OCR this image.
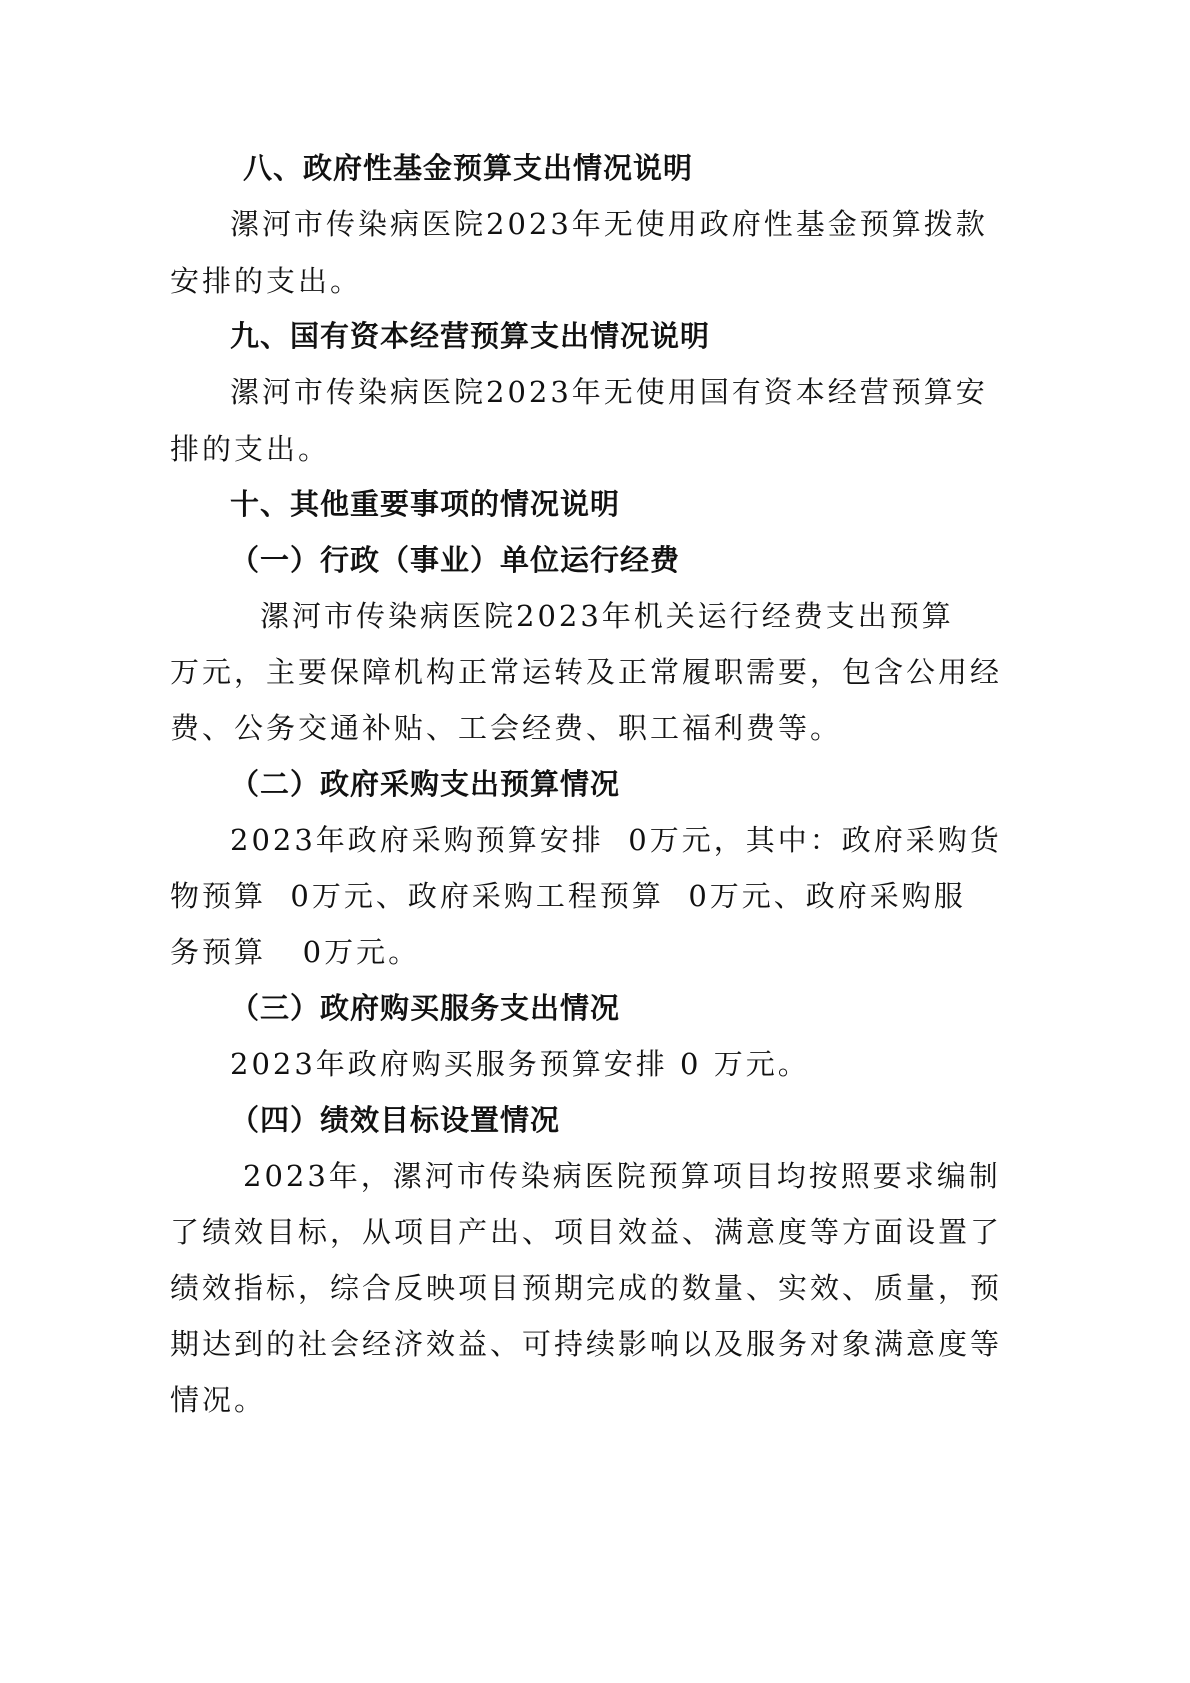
八、政府性基金预算支出情况说明
漯河市传染病医院2023年无使用政府性基金预算拨款
安排的支出。
九、国有资本经营预算支出情况说明
漯河市传染病医院2023年无使用国有资本经营预算安
排的支出。
十、其他重要事项的情况说明
（一）行政（事业）单位运行经费
漯河市传染病医院2023年机关运行经费支出预算
万元，主要保障机构正常运转及正常履职需要，包含公用经
费、公务交通补贴、工会经费、职工福利费等。
（二）政府采购支出预算情况
2023年政府采购预算安排  0万元，其中：政府采购货
物预算  0万元、政府采购工程预算  0万元、政府采购服
务预算   0万元。
（三）政府购买服务支出情况
2023年政府购买服务预算安排 0 万元。
（四）绩效目标设置情况
2023年，漯河市传染病医院预算项目均按照要求编制
了绩效目标，从项目产出、项目效益、满意度等方面设置了
绩效指标，综合反映项目预期完成的数量、实效、质量，预
期达到的社会经济效益、可持续影响以及服务对象满意度等
情况。
